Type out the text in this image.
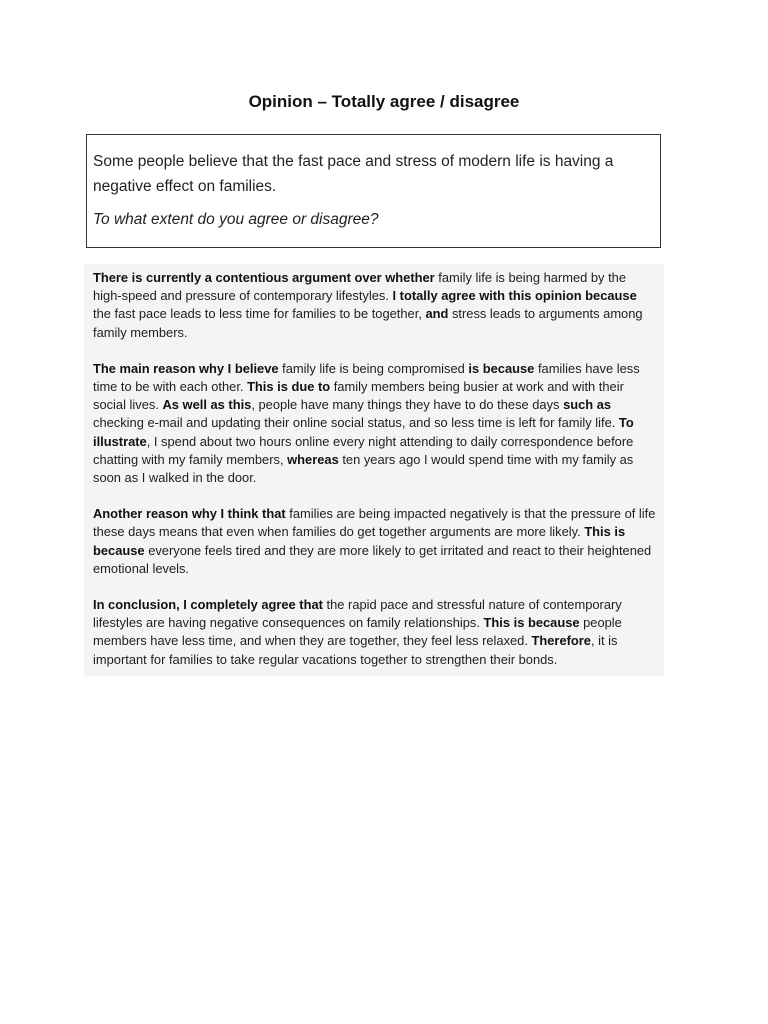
Opinion – Totally agree / disagree

Some people believe that the fast pace and stress of modern life is having a negative effect on families.

To what extent do you agree or disagree?

There is currently a contentious argument over whether family life is being harmed by the high-speed and pressure of contemporary lifestyles. I totally agree with this opinion because the fast pace leads to less time for families to be together, and stress leads to arguments among family members.

The main reason why I believe family life is being compromised is because families have less time to be with each other. This is due to family members being busier at work and with their social lives. As well as this, people have many things they have to do these days such as checking e-mail and updating their online social status, and so less time is left for family life. To illustrate, I spend about two hours online every night attending to daily correspondence before chatting with my family members, whereas ten years ago I would spend time with my family as soon as I walked in the door.

Another reason why I think that families are being impacted negatively is that the pressure of life these days means that even when families do get together arguments are more likely. This is because everyone feels tired and they are more likely to get irritated and react to their heightened emotional levels.

In conclusion, I completely agree that the rapid pace and stressful nature of contemporary lifestyles are having negative consequences on family relationships. This is because people members have less time, and when they are together, they feel less relaxed. Therefore, it is important for families to take regular vacations together to strengthen their bonds.
